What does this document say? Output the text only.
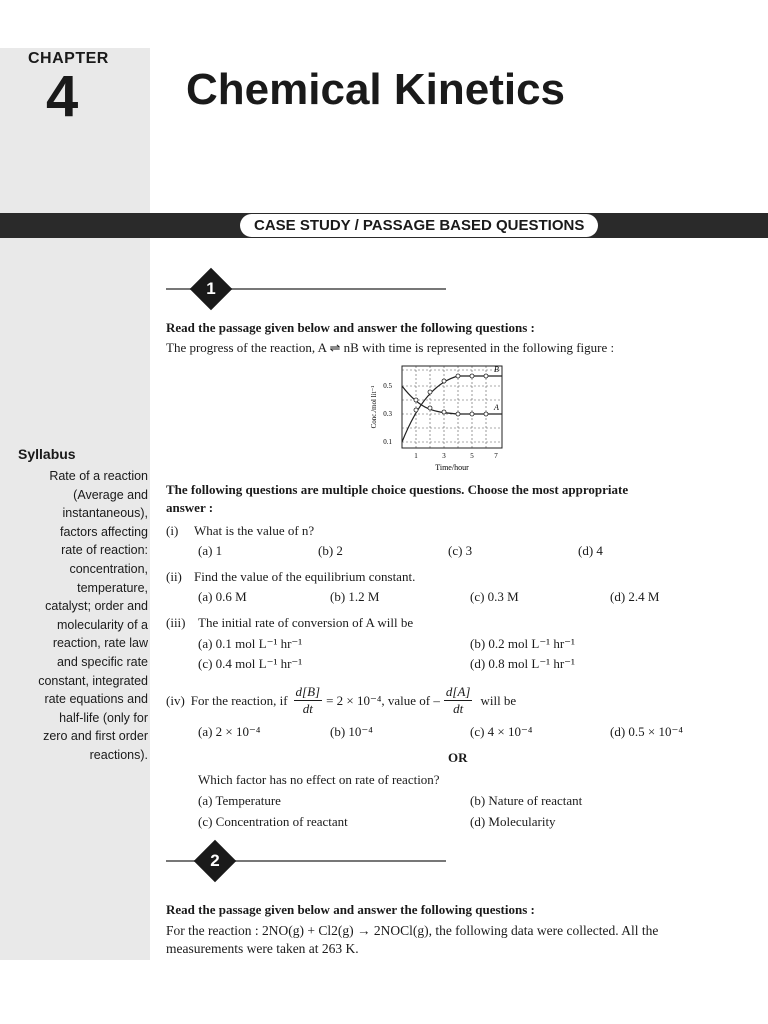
CHAPTER
4 Chemical Kinetics
CASE STUDY / PASSAGE BASED QUESTIONS
1
Read the passage given below and answer the following questions :
The progress of the reaction, A ⇌ nB with time is represented in the following figure :
B
A
0.5
0.3
0.1
1	3	5	7
Time/hour
Conc./mol lit⁻¹
Syllabus
Rate of a reaction
(Average and
instantaneous),
factors affecting
rate of reaction:
concentration,
temperature,
catalyst; order and
molecularity of a
reaction, rate law
and specific rate
constant, integrated
rate equations and
half-life (only for
zero and first order
reactions).
The following questions are multiple choice questions. Choose the most appropriate
answer :
(i) What is the value of n?
(a) 1	(b) 2	(c) 3	(d) 4
(ii) Find the value of the equilibrium constant.
(a) 0.6 M	(b) 1.2 M	(c) 0.3 M	(d) 2.4 M
(iii) The initial rate of conversion of A will be
(a) 0.1 mol L⁻¹ hr⁻¹	(b) 0.2 mol L⁻¹ hr⁻¹
(c) 0.4 mol L⁻¹ hr⁻¹	(d) 0.8 mol L⁻¹ hr⁻¹
(iv) For the reaction, if $\frac{d[B]}{dt} = 2 \times 10^{-4}$, value of – $\frac{d[A]}{dt}$ will be
(a) 2 × 10⁻⁴	(b) 10⁻⁴	(c) 4 × 10⁻⁴	(d) 0.5 × 10⁻⁴
OR
Which factor has no effect on rate of reaction?
(a) Temperature	(b) Nature of reactant
(c) Concentration of reactant	(d) Molecularity
2
Read the passage given below and answer the following questions :
For the reaction : 2NO(g) + Cl2(g) → 2NOCl(g), the following data were collected. All the
measurements were taken at 263 K.
